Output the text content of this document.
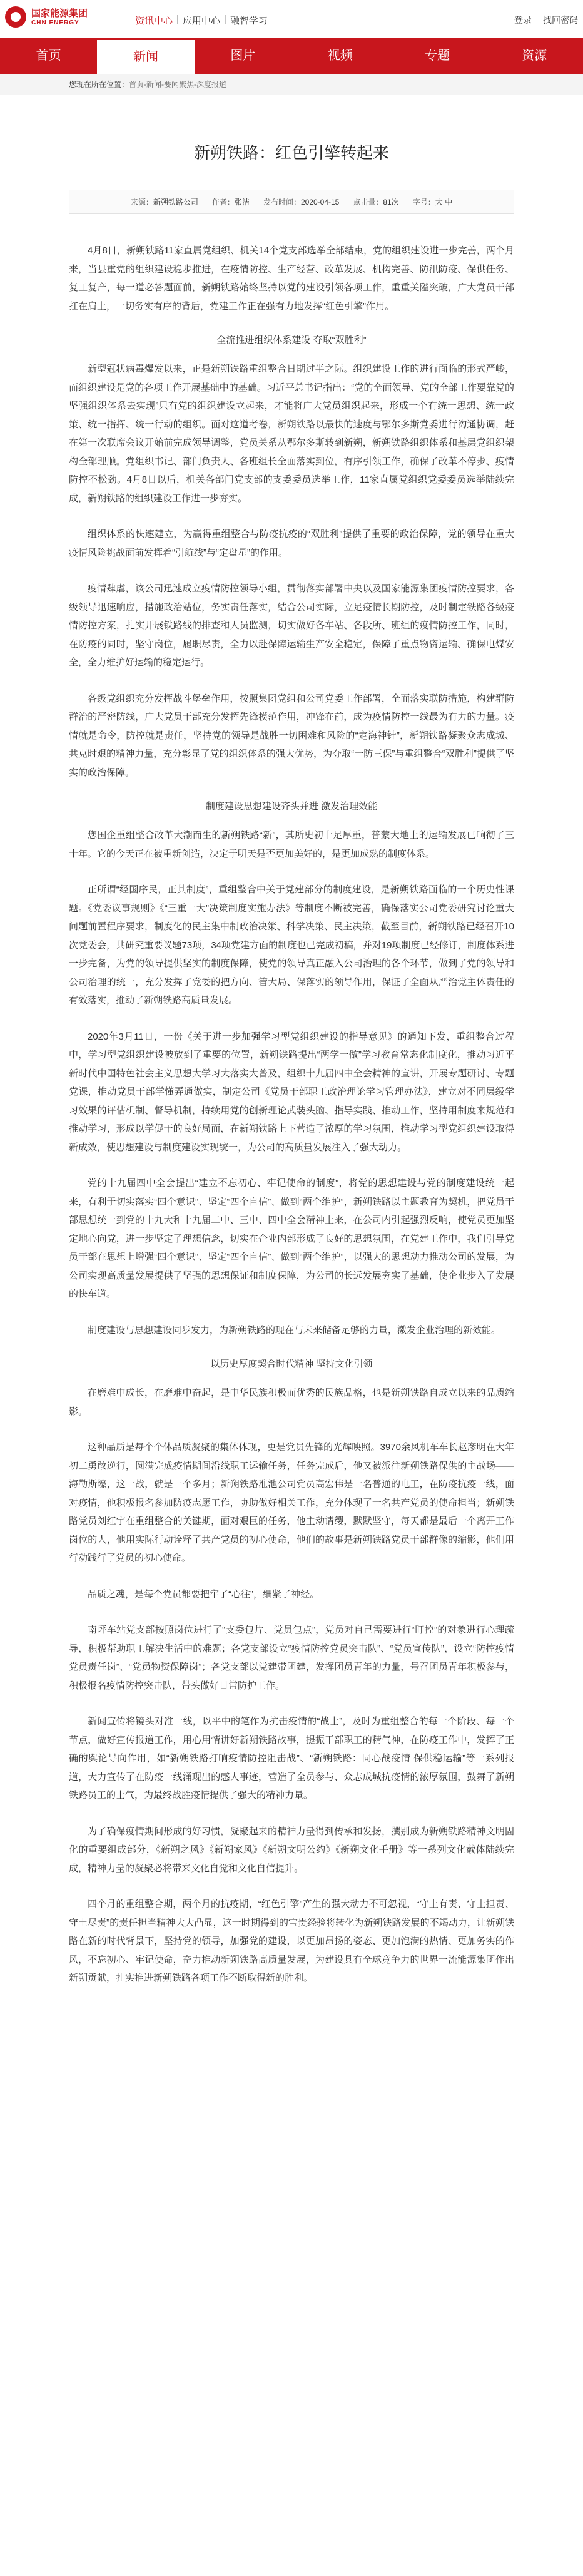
国家能源集团
CHN ENERGY	资讯中心 | 应用中心 | 融智学习	登录 找回密码
首页	新闻	图片	视频	专题	资源
您现在所在位置：首页-新闻-要闻聚焦-深度报道
新朔铁路：红色引擎转起来
来源：新朔铁路公司 作者：张洁 发布时间：2020-04-15 点击量：81次 字号：大 中

4月8日，新朔铁路11家直属党组织、机关14个党支部选举全部结束，党的组织建设进一步完善，两个月来，当县重党的组织建设稳步推进，在疫情防控、生产经营、改革发展、机构完善、防汛防疫、保供任务、复工复产，每一道必答题面前，新朔铁路始终坚持以党的建设引领各项工作，重重关隘突破，广大党员干部扛在肩上，一切务实有序的背后，党建工作正在强有力地发挥“红色引擎”作用。

全流推进组织体系建设 夺取“双胜利”

新型冠状病毒爆发以来，正是新朔铁路重组整合日期过半之际。组织建设工作的进行面临的形式严峻，而组织建设是党的各项工作开展基础中的基础。习近平总书记指出：“党的全面领导、党的全部工作要靠党的坚强组织体系去实现”只有党的组织建设立起来，才能将广大党员组织起来，形成一个有统一思想、统一政策、统一指挥、统一行动的组织。面对这道考卷，新朔铁路以最快的速度与鄂尔多斯党委进行沟通协调，赶在第一次联席会议开始前完成领导调整，党员关系从鄂尔多斯转到新朔，新朔铁路组织体系和基层党组织架构全部理顺。党组织书记、部门负责人、各班组长全面落实到位，有序引领工作，确保了改革不停步、疫情防控不松劲。4月8日以后，机关各部门党支部的支委委员选举工作，11家直属党组织党委委员选举陆续完成，新朔铁路的组织建设工作进一步夯实。

组织体系的快速建立，为赢得重组整合与防疫抗疫的“双胜利”提供了重要的政治保障，党的领导在重大疫情风险挑战面前发挥着“引航线”与“定盘星”的作用。

疫情肆虐，该公司迅速成立疫情防控领导小组，贯彻落实部署中央以及国家能源集团疫情防控要求，各级领导迅速响应，措施政治站位，务实责任落实，结合公司实际，立足疫情长期防控，及时制定铁路各级疫情防控方案，扎实开展铁路线的排查和人员监测，切实做好各车站、各段所、班组的疫情防控工作，同时，在防疫的同时，坚守岗位，履职尽责，全力以赴保障运输生产安全稳定，保障了重点物资运输、确保电煤安全，全力维护好运输的稳定运行。

各级党组织充分发挥战斗堡垒作用，按照集团党组和公司党委工作部署，全面落实联防措施，构建群防群治的严密防线，广大党员干部充分发挥先锋模范作用，冲锋在前，成为疫情防控一线最为有力的力量。疫情就是命令，防控就是责任，坚持党的领导是战胜一切困难和风险的“定海神针”，新朔铁路凝聚众志成城、共克时艰的精神力量，充分彰显了党的组织体系的强大优势，为夺取“一防三保”与重组整合“双胜利”提供了坚实的政治保障。

制度建设思想建设齐头并进 激发治理效能

您国企重组整合改革大潮而生的新朔铁路“新”，其所史初十足厚重，普蒙大地上的运输发展已响彻了三十年。它的今天正在被重新创造，决定于明天是否更加美好的，是更加成熟的制度体系。

正所谓“经国序民，正其制度”，重组整合中关于党建部分的制度建设，是新朔铁路面临的一个历史性课题。《党委议事规则》《“三重一大”决策制度实施办法》等制度不断被完善，确保落实公司党委研究讨论重大问题前置程序要求，制度化的民主集中制政治决策、科学决策、民主决策，截至目前，新朔铁路已经召开10次党委会，共研究重要议题73项，34项党建方面的制度也已完成初稿，并对19项制度已经修订，制度体系进一步完备，为党的领导提供坚实的制度保障，使党的领导真正融入公司治理的各个环节，做到了党的领导和公司治理的统一，充分发挥了党委的把方向、管大局、保落实的领导作用，保证了全面从严治党主体责任的有效落实，推动了新朔铁路高质量发展。

2020年3月11日，一份《关于进一步加强学习型党组织建设的指导意见》的通知下发，重组整合过程中，学习型党组织建设被放到了重要的位置，新朔铁路提出“两学一做”学习教育常态化制度化，推动习近平新时代中国特色社会主义思想大学习大落实大普及，组织十九届四中全会精神的宣讲，开展专题研讨、专题党课，推动党员干部学懂弄通做实，制定公司《党员干部职工政治理论学习管理办法》，建立对不同层级学习效果的评估机制、督导机制，持续用党的创新理论武装头脑、指导实践、推动工作，坚持用制度来规范和推动学习，形成以学促干的良好局面，在新朔铁路上下营造了浓厚的学习氛围，推动学习型党组织建设取得新成效，使思想建设与制度建设实现统一，为公司的高质量发展注入了强大动力。

党的十九届四中全会提出“建立不忘初心、牢记使命的制度”，将党的思想建设与党的制度建设统一起来，有利于切实落实“四个意识”、坚定“四个自信”、做到“两个维护”，新朔铁路以主题教育为契机，把党员干部思想统一到党的十九大和十九届二中、三中、四中全会精神上来，在公司内引起强烈反响，使党员更加坚定地心向党，进一步坚定了理想信念，切实在企业内部形成了良好的思想氛围，在党建工作中，我们引导党员干部在思想上增强“四个意识”、坚定“四个自信”、做到“两个维护”，以强大的思想动力推动公司的发展，为公司实现高质量发展提供了坚强的思想保证和制度保障，为公司的长远发展夯实了基础，使企业步入了发展的快车道。

制度建设与思想建设同步发力，为新朔铁路的现在与未来储备足够的力量，激发企业治理的新效能。

以历史厚度契合时代精神 坚持文化引领

在磨难中成长，在磨难中奋起，是中华民族积极而优秀的民族品格，也是新朔铁路自成立以来的品质缩影。

这种品质是每个个体品质凝聚的集体体现，更是党员先锋的光辉映照。3970余风机车车长赵彦明在大年初二勇敢逆行，圆满完成疫情期间沿线职工运输任务，任务完成后，他又被派往新朔铁路保供的主战场——海勒斯壕，这一战，就是一个多月；新朔铁路准池公司党员高宏伟是一名普通的电工，在防疫抗疫一线，面对疫情，他积极报名参加防疫志愿工作，协助做好相关工作，充分体现了一名共产党员的使命担当；新朔铁路党员刘红宇在重组整合的关键期，面对艰巨的任务，他主动请缨，默默坚守，每天都是最后一个离开工作岗位的人，他用实际行动诠释了共产党员的初心使命，他们的故事是新朔铁路党员干部群像的缩影，他们用行动践行了党员的初心使命。

品质之魂，是每个党员都要把牢了“心往”，细紧了神经。

南坪车站党支部按照岗位进行了“支委包片、党员包点”，党员对自己需要进行“盯控”的对象进行心理疏导，积极帮助职工解决生活中的难题；各党支部设立“疫情防控党员突击队”、“党员宣传队”，设立“防控疫情党员责任岗”、“党员物资保障岗”；各党支部以党建带团建，发挥团员青年的力量，号召团员青年积极参与，积极报名疫情防控突击队，带头做好日常防护工作。

新闻宣传将镜头对准一线，以平中的笔作为抗击疫情的“战士”，及时为重组整合的每一个阶段、每一个节点，做好宣传报道工作，用心用情讲好新朔铁路故事，提振干部职工的精气神，在防疫工作中，发挥了正确的舆论导向作用，如“新朔铁路打响疫情防控阻击战”、“新朔铁路：同心战疫情 保供稳运输”等一系列报道，大力宣传了在防疫一线涌现出的感人事迹，营造了全员参与、众志成城抗疫情的浓厚氛围，鼓舞了新朔铁路员工的士气，为最终战胜疫情提供了强大的精神力量。

为了确保疫情期间形成的好习惯，凝聚起来的精神力量得到传承和发扬，撰别成为新朔铁路精神文明固化的重要组成部分，《新朔之风》《新朔家风》《新朔文明公约》《新朔文化手册》等一系列文化载体陆续完成，精神力量的凝聚必将带来文化自觉和文化自信提升。

四个月的重组整合期，两个月的抗疫期，“红色引擎”产生的强大动力不可忽视，“守土有责、守土担责、守土尽责”的责任担当精神大大凸显，这一时期得到的宝贵经验将转化为新朔铁路发展的不竭动力，让新朔铁路在新的时代背景下，坚持党的领导，加强党的建设，以更加昂扬的姿态、更加饱满的热情、更加务实的作风，不忘初心、牢记使命，奋力推动新朔铁路高质量发展，为建设具有全球竞争力的世界一流能源集团作出新朔贡献，扎实推进新朔铁路各项工作不断取得新的胜利。
